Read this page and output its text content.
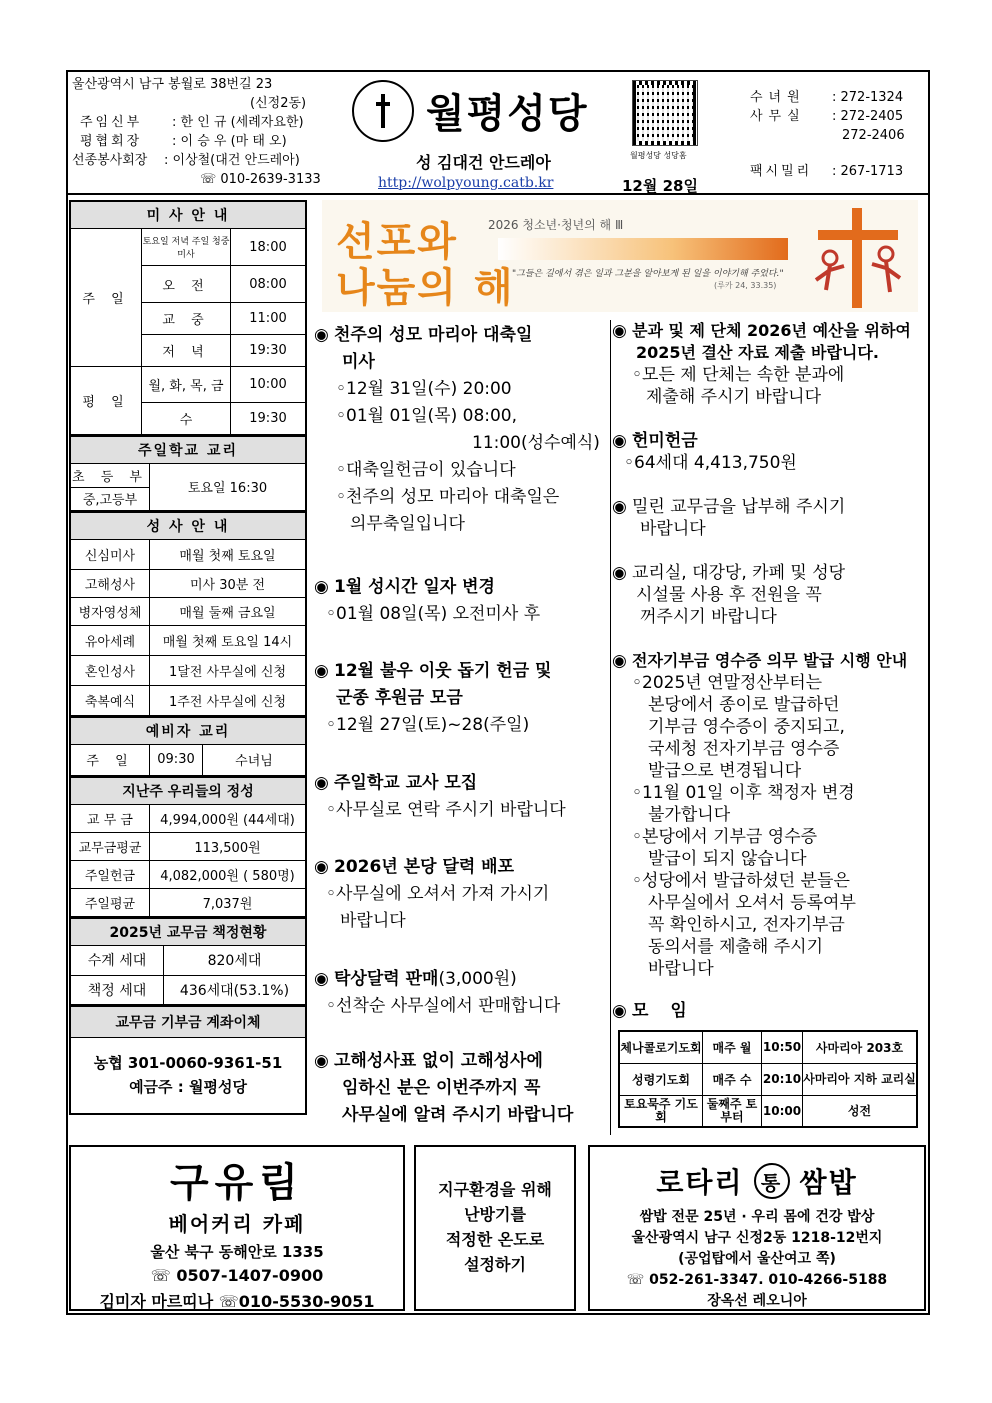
울산광역시 남구 봉월로 38번길 23
(신정2동)
주임신부	: 한 인 규 (세례자요한)
평협회장	: 이 승 우 (마 태 오)
선종봉사회장	: 이상철(대건 안드레아)
☏ 010-2639-3133
월평성당
성 김대건 안드레아
http://wolpyoung.catb.kr	12월 28일
월평성당 성당홈
수녀원	: 272-1324
사무실	: 272-2405
272-2406
팩시밀리	: 267-1713
미 사 안 내		
주 일	토요일 저녁 주일 청중미사	18:00
	오 전	08:00
	교 중	11:00
	저 녁	19:30
평 일	월, 화, 목, 금	10:00
	수	19:30
주일학교 교리
초 등 부	토요일 16:30
중,고등부
성 사 안 내	
신심미사	매월 첫째 토요일
고해성사	미사 30분 전
병자영성체	매월 둘째 금요일
유아세례	매월 첫째 토요일 14시
혼인성사	1달전 사무실에 신청
축복예식	1주전 사무실에 신청
예비자 교리
주 일	09:30	수녀님
지난주 우리들의 정성	
교 무 금	4,994,000원 (44세대)
교무금평균	113,500원
주일헌금	4,082,000원 ( 580명)
주일평균	7,037원
2025년 교무금 책정현황	
수계 세대	820세대
책정 세대	436세대(53.1%)
교무금 기부금 계좌이체

농협 301-0060-9361-51
예금주 : 월평성당
선포와
나눔의 해
2026 청소년·청년의 해 Ⅲ
"그들은 길에서 겪은 일과 그분을 알아보게 된 일을 이야기해 주었다."
(루카 24, 33.35)
◉ 천주의 성모 마리아 대축일
미사
◦12월 31일(수) 20:00
◦01월 01일(목) 08:00,
11:00(성수예식)
◦대축일헌금이 있습니다
◦천주의 성모 마리아 대축일은
의무축일입니다
◉ 1월 성시간 일자 변경
◦01월 08일(목) 오전미사 후
◉ 12월 불우 이웃 돕기 헌금 및
군종 후원금 모금
◦12월 27일(토)~28(주일)
◉ 주일학교 교사 모집
◦사무실로 연락 주시기 바랍니다
◉ 2026년 본당 달력 배포
◦사무실에 오셔서 가져 가시기
바랍니다
◉ 탁상달력 판매(3,000원)
◦선착순 사무실에서 판매합니다
◉ 고해성사표 없이 고해성사에
임하신 분은 이번주까지 꼭
사무실에 알려 주시기 바랍니다
◉ 분과 및 제 단체 2026년 예산을 위하여
2025년 결산 자료 제출 바랍니다.
◦모든 제 단체는 속한 분과에
제출해 주시기 바랍니다
◉ 헌미헌금
◦64세대 4,413,750원
◉ 밀린 교무금을 납부해 주시기
바랍니다
◉ 교리실, 대강당, 카페 및 성당
시설물 사용 후 전원을 꼭
꺼주시기 바랍니다
◉ 전자기부금 영수증 의무 발급 시행 안내
◦2025년 연말정산부터는
본당에서 종이로 발급하던
기부금 영수증이 중지되고,
국세청 전자기부금 영수증
발급으로 변경됩니다
◦11월 01일 이후 책정자 변경
불가합니다
◦본당에서 기부금 영수증
발급이 되지 않습니다
◦성당에서 발급하셨던 분들은
사무실에서 오셔서 등록여부
꼭 확인하시고, 전자기부금
동의서를 제출해 주시기
바랍니다
◉ 모 임
체나콜로기도회	매주 월	10:50	사마리아 203호
성령기도회	매주 수	20:10	사마리아 지하 교리실
토요묵주 기도회	둘째주 토부터	10:00	성전
구유림
베어커리 카페
울산 북구 동해안로 1335
☏ 0507-1407-0900
김미자 마르띠나 ☏010-5530-9051
지구환경을 위해
난방기를
적정한 온도로
설정하기
로타리 통 쌈밥
쌈밥 전문 25년 · 우리 몸에 건강 밥상
울산광역시 남구 신정2동 1218-12번지
(공업탑에서 울산여고 쪽)
☏ 052-261-3347. 010-4266-5188
장옥선 레오니아
